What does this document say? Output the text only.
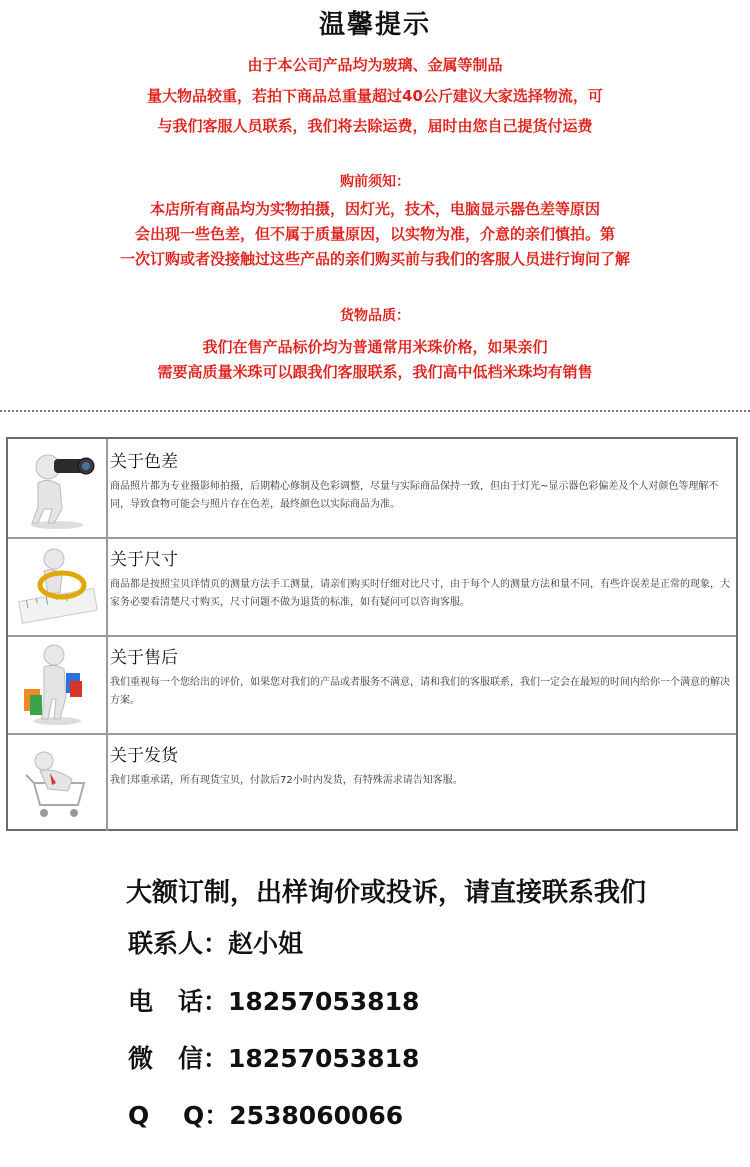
温馨提示
由于本公司产品均为玻璃、金属等制品
量大物品较重，若拍下商品总重量超过40公斤建议大家选择物流，可
与我们客服人员联系，我们将去除运费，届时由您自己提货付运费
购前须知：
本店所有商品均为实物拍摄，因灯光，技术，电脑显示器色差等原因
会出现一些色差，但不属于质量原因，以实物为准，介意的亲们慎拍。第
一次订购或者没接触过这些产品的亲们购买前与我们的客服人员进行询问了解
货物品质：
我们在售产品标价均为普通常用米珠价格，如果亲们
需要高质量米珠可以跟我们客服联系，我们高中低档米珠均有销售
关于色差

商品照片都为专业摄影师拍摄，后期精心修制及色彩调整，尽量与实际商品保持一致，但由于灯光~显示器色彩偏差及个人对颜色等理解不同，导致食物可能会与照片存在色差，最终颜色以实际商品为准。

关于尺寸

商品都是按照宝贝详情页的测量方法手工测量，请亲们购买时仔细对比尺寸，由于每个人的测量方法和量不同，有些许误差是正常的现象，大家务必要看清楚尺寸购买，尺寸问题不做为退货的标准，如有疑问可以咨询客服。

关于售后

我们重视每一个您给出的评价，如果您对我们的产品或者服务不满意，请和我们的客服联系，我们一定会在最短的时间内给你一个满意的解决方案。

关于发货

我们郑重承诺，所有现货宝贝，付款后72小时内发货，有特殊需求请告知客服。

大额订制，出样询价或投诉，请直接联系我们
联系人：赵小姐
电　话：18257053818
微　信：18257053818
Q　 Q：2538060066
